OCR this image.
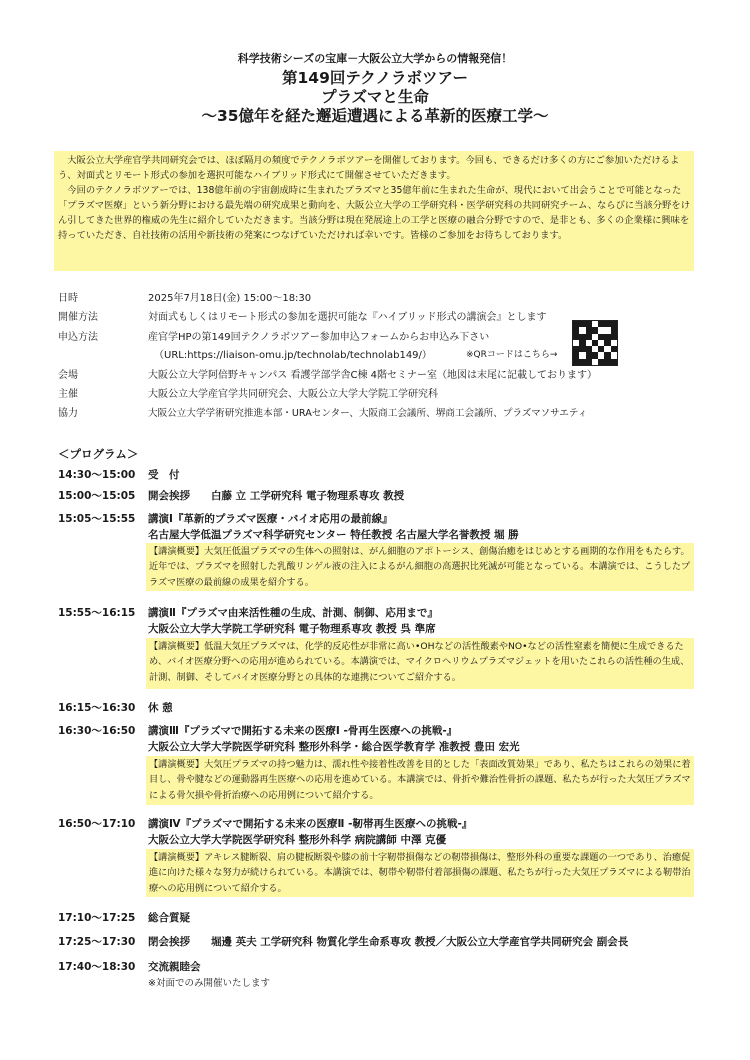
科学技術シーズの宝庫－大阪公立大学からの情報発信！
第149回テクノラボツアー
プラズマと生命
～35億年を経た邂逅遭遇による革新的医療工学～

　大阪公立大学産官学共同研究会では、ほぼ隔月の頻度でテクノラボツアーを開催しております。今回も、できるだけ多くの方にご参加いただけるよう、対面式とリモート形式の参加を選択可能なハイブリッド形式にて開催させていただきます。

　今回のテクノラボツアーでは、138億年前の宇宙創成時に生まれたプラズマと35億年前に生まれた生命が、現代において出会うことで可能となった「プラズマ医療」という新分野における最先端の研究成果と動向を、大阪公立大学の工学研究科・医学研究科の共同研究チーム、ならびに当該分野をけん引してきた世界的権威の先生に紹介していただきます。当該分野は現在発展途上の工学と医療の融合分野ですので、是非とも、多くの企業様に興味を持っていただき、自社技術の活用や新技術の発案につなげていただければ幸いです。皆様のご参加をお待ちしております。

日時	2025年7月18日(金) 15:00～18:30
開催方法	対面式もしくはリモート形式の参加を選択可能な『ハイブリッド形式の講演会』とします
申込方法	産官学HPの第149回テクノラボツアー参加申込フォームからお申込み下さい
（URL:https://liaison-omu.jp/technolab/technolab149/）	※QRコードはこちら→
会場	大阪公立大学阿倍野キャンパス 看護学部学舎C棟 4階セミナー室（地図は末尾に記載しております）
主催	大阪公立大学産官学共同研究会、大阪公立大学大学院工学研究科
協力	大阪公立大学学術研究推進本部・URAセンター、大阪商工会議所、堺商工会議所、プラズマソサエティ
＜プログラム＞
14:30～15:00 受　付
15:00～15:05 開会挨拶　　白藤 立 工学研究科 電子物理系専攻 教授
15:05～15:55 講演Ⅰ『革新的プラズマ医療・バイオ応用の最前線』
名古屋大学低温プラズマ科学研究センター 特任教授 名古屋大学名誉教授 堀 勝
【講演概要】大気圧低温プラズマの生体への照射は、がん細胞のアポトーシス、創傷治癒をはじめとする画期的な作用をもたらす。近年では、プラズマを照射した乳酸リンゲル液の注入によるがん細胞の高選択比死滅が可能となっている。本講演では、こうしたプラズマ医療の最前線の成果を紹介する。
15:55～16:15 講演Ⅱ『プラズマ由来活性種の生成、計測、制御、応用まで』
大阪公立大学大学院工学研究科 電子物理系専攻 教授 呉 準席
【講演概要】低温大気圧プラズマは、化学的反応性が非常に高い•OHなどの活性酸素やNO•などの活性窒素を簡便に生成できるため、バイオ医療分野への応用が進められている。本講演では、マイクロヘリウムプラズマジェットを用いたこれらの活性種の生成、計測、制御、そしてバイオ医療分野との具体的な連携についてご紹介する。
16:15～16:30 休 憩
16:30～16:50 講演Ⅲ『プラズマで開拓する未来の医療Ⅰ -骨再生医療への挑戦-』
大阪公立大学大学院医学研究科 整形外科学・総合医学教育学 准教授 豊田 宏光
【講演概要】大気圧プラズマの持つ魅力は、濡れ性や接着性改善を目的とした「表面改質効果」であり、私たちはこれらの効果に着目し、骨や腱などの運動器再生医療への応用を進めている。本講演では、骨折や難治性骨折の課題、私たちが行った大気圧プラズマによる骨欠損や骨折治療への応用例について紹介する。
16:50～17:10 講演Ⅳ『プラズマで開拓する未来の医療Ⅱ -靭帯再生医療への挑戦-』
大阪公立大学大学院医学研究科 整形外科学 病院講師 中澤 克優
【講演概要】アキレス腱断裂、肩の腱板断裂や膝の前十字靭帯損傷などの靭帯損傷は、整形外科の重要な課題の一つであり、治癒促進に向けた様々な努力が続けられている。本講演では、靭帯や靭帯付着部損傷の課題、私たちが行った大気圧プラズマによる靭帯治療への応用例について紹介する。
17:10～17:25 総合質疑
17:25～17:30 閉会挨拶　　堀邊 英夫 工学研究科 物質化学生命系専攻 教授／大阪公立大学産官学共同研究会 副会長
17:40～18:30 交流親睦会
※対面でのみ開催いたします
